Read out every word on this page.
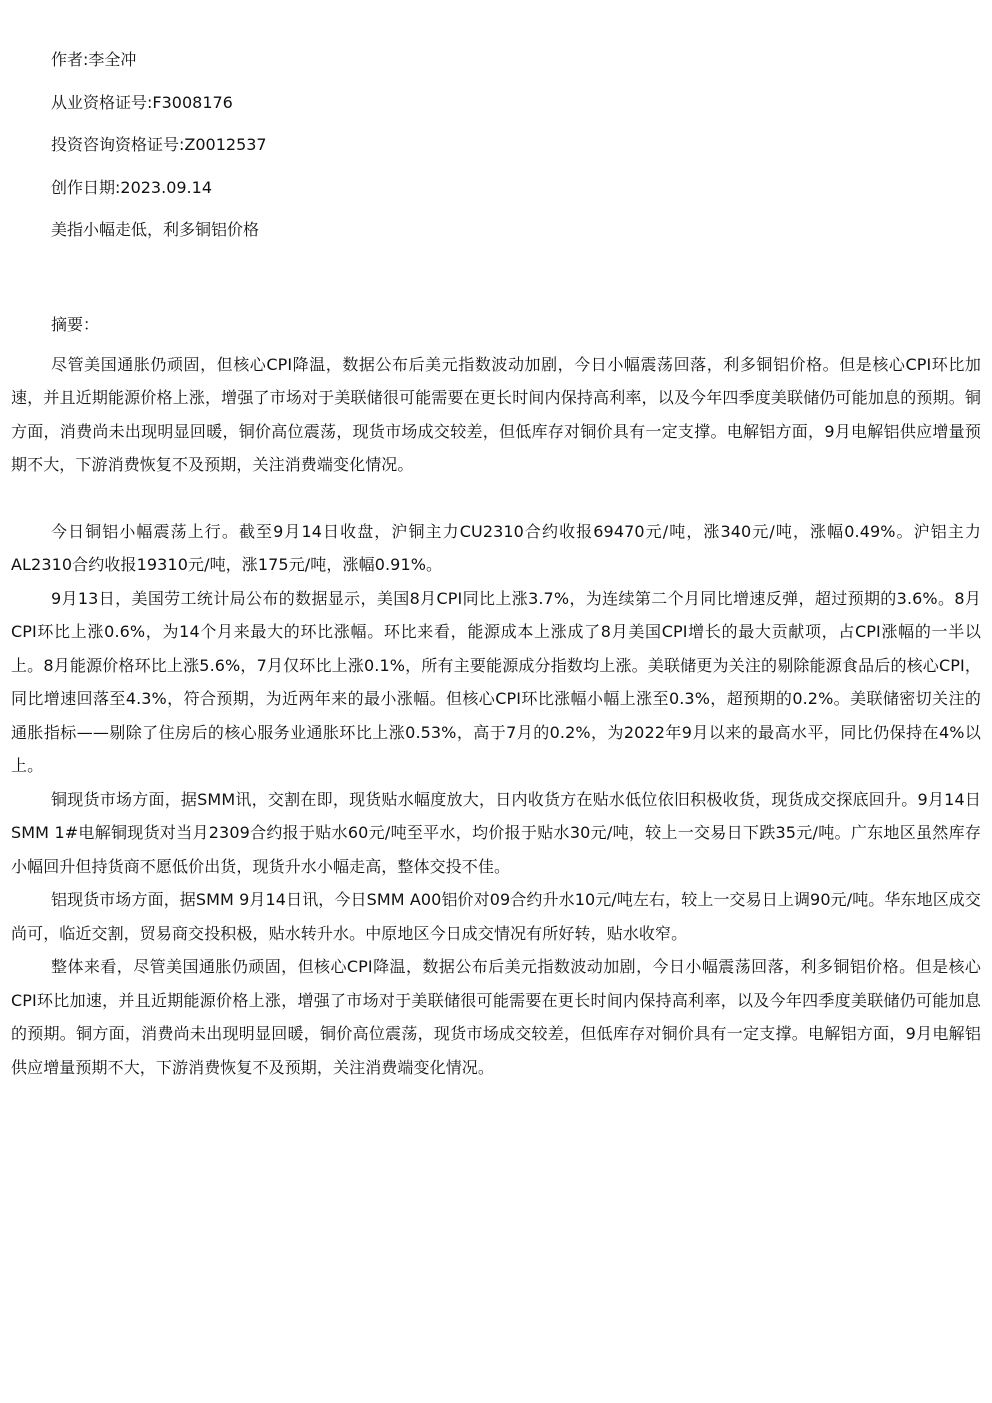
作者:李全冲
从业资格证号:F3008176
投资咨询资格证号:Z0012537
创作日期:2023.09.14
美指小幅走低，利多铜铝价格
摘要：

尽管美国通胀仍顽固，但核心CPI降温，数据公布后美元指数波动加剧，今日小幅震荡回落，利多铜铝价格。但是核心CPI环比加速，并且近期能源价格上涨，增强了市场对于美联储很可能需要在更长时间内保持高利率，以及今年四季度美联储仍可能加息的预期。铜方面，消费尚未出现明显回暖，铜价高位震荡，现货市场成交较差，但低库存对铜价具有一定支撑。电解铝方面，9月电解铝供应增量预期不大，下游消费恢复不及预期，关注消费端变化情况。

今日铜铝小幅震荡上行。截至9月14日收盘，沪铜主力CU2310合约收报69470元/吨，涨340元/吨，涨幅0.49%。沪铝主力AL2310合约收报19310元/吨，涨175元/吨，涨幅0.91%。

9月13日，美国劳工统计局公布的数据显示，美国8月CPI同比上涨3.7%，为连续第二个月同比增速反弹，超过预期的3.6%。8月CPI环比上涨0.6%，为14个月来最大的环比涨幅。环比来看，能源成本上涨成了8月美国CPI增长的最大贡献项，占CPI涨幅的一半以上。8月能源价格环比上涨5.6%，7月仅环比上涨0.1%，所有主要能源成分指数均上涨。美联储更为关注的剔除能源食品后的核心CPI，同比增速回落至4.3%，符合预期，为近两年来的最小涨幅。但核心CPI环比涨幅小幅上涨至0.3%，超预期的0.2%。美联储密切关注的通胀指标——剔除了住房后的核心服务业通胀环比上涨0.53%，高于7月的0.2%，为2022年9月以来的最高水平，同比仍保持在4%以上。

铜现货市场方面，据SMM讯，交割在即，现货贴水幅度放大，日内收货方在贴水低位依旧积极收货，现货成交探底回升。9月14日SMM 1#电解铜现货对当月2309合约报于贴水60元/吨至平水，均价报于贴水30元/吨，较上一交易日下跌35元/吨。广东地区虽然库存小幅回升但持货商不愿低价出货，现货升水小幅走高，整体交投不佳。

铝现货市场方面，据SMM 9月14日讯，今日SMM A00铝价对09合约升水10元/吨左右，较上一交易日上调90元/吨。华东地区成交尚可，临近交割，贸易商交投积极，贴水转升水。中原地区今日成交情况有所好转，贴水收窄。

整体来看，尽管美国通胀仍顽固，但核心CPI降温，数据公布后美元指数波动加剧，今日小幅震荡回落，利多铜铝价格。但是核心CPI环比加速，并且近期能源价格上涨，增强了市场对于美联储很可能需要在更长时间内保持高利率，以及今年四季度美联储仍可能加息的预期。铜方面，消费尚未出现明显回暖，铜价高位震荡，现货市场成交较差，但低库存对铜价具有一定支撑。电解铝方面，9月电解铝供应增量预期不大，下游消费恢复不及预期，关注消费端变化情况。
